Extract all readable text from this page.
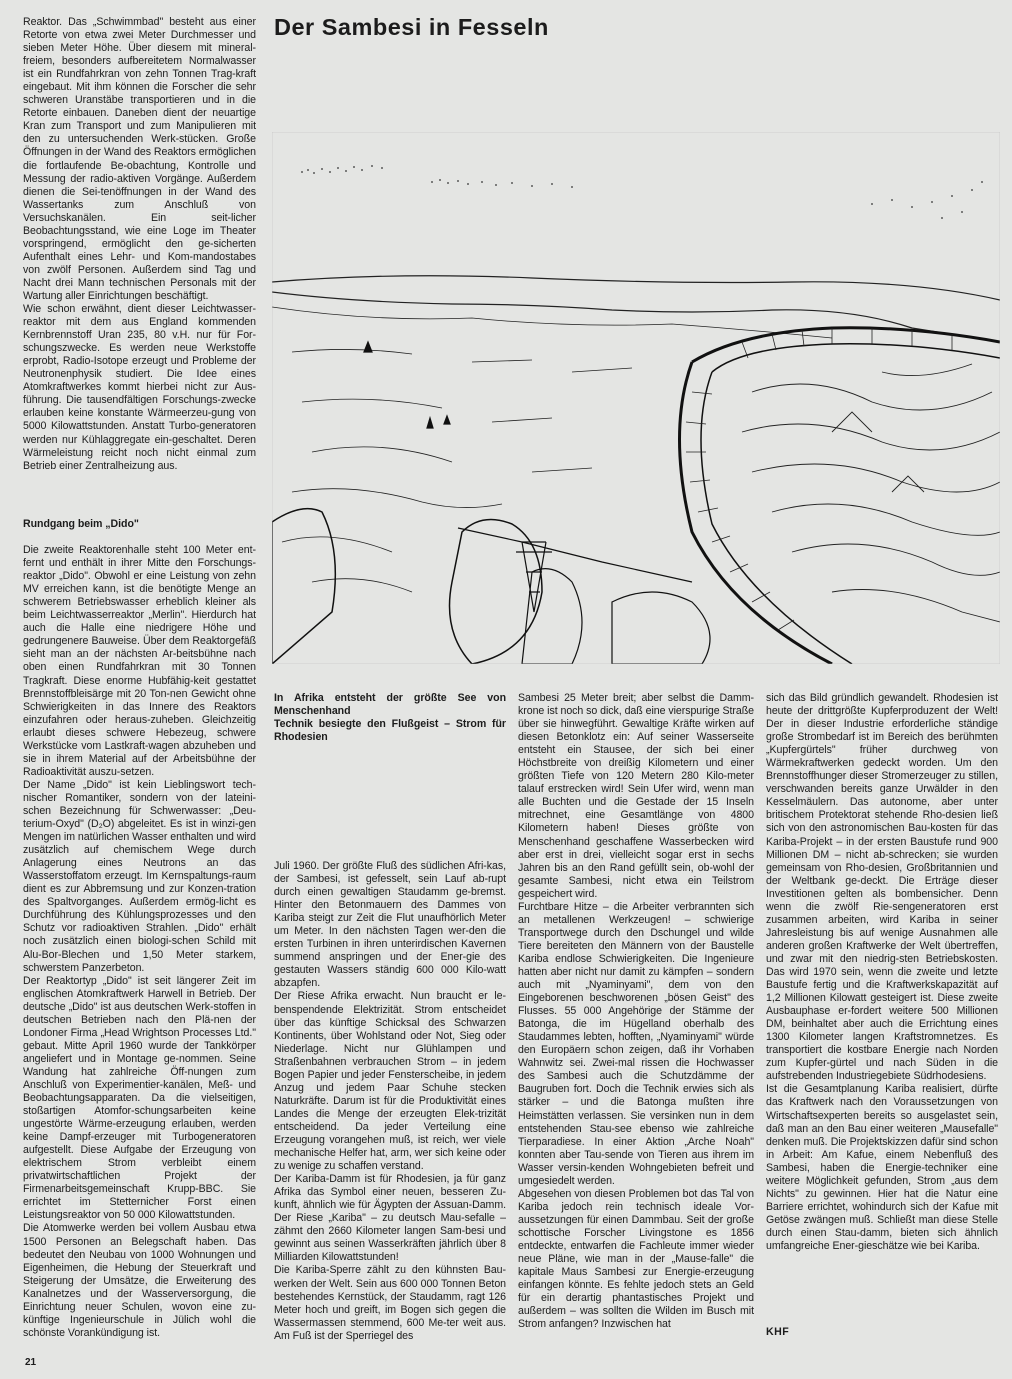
Reaktor. Das „Schwimmbad" besteht aus einer Retorte von etwa zwei Meter Durchmesser und sieben Meter Höhe. Über diesem mit mineral-freiem, besonders aufbereitetem Normalwasser ist ein Rundfahrkran von zehn Tonnen Trag-kraft eingebaut. Mit ihm können die Forscher die sehr schweren Uranstäbe transportieren und in die Retorte einbauen. Daneben dient der neuartige Kran zum Transport und zum Manipulieren mit den zu untersuchenden Werk-stücken. Große Öffnungen in der Wand des Reaktors ermöglichen die fortlaufende Be-obachtung, Kontrolle und Messung der radio-aktiven Vorgänge. Außerdem dienen die Sei-tenöffnungen in der Wand des Wassertanks zum Anschluß von Versuchskanälen. Ein seit-licher Beobachtungsstand, wie eine Loge im Theater vorspringend, ermöglicht den ge-sicherten Aufenthalt eines Lehr- und Kom-mandostabes von zwölf Personen. Außerdem sind Tag und Nacht drei Mann technischen Personals mit der Wartung aller Einrichtungen beschäftigt.

Wie schon erwähnt, dient dieser Leichtwasser-reaktor mit dem aus England kommenden Kernbrennstoff Uran 235, 80 v.H. nur für For-schungszwecke. Es werden neue Werkstoffe erprobt, Radio-Isotope erzeugt und Probleme der Neutronenphysik studiert. Die Idee eines Atomkraftwerkes kommt hierbei nicht zur Aus-führung. Die tausendfältigen Forschungs-zwecke erlauben keine konstante Wärmeerzeu-gung von 5000 Kilowattstunden. Anstatt Turbo-generatoren werden nur Kühlaggregate ein-geschaltet. Deren Wärmeleistung reicht noch nicht einmal zum Betrieb einer Zentralheizung aus.

Rundgang beim „Dido"

Die zweite Reaktorenhalle steht 100 Meter ent-fernt und enthält in ihrer Mitte den Forschungs-reaktor „Dido". Obwohl er eine Leistung von zehn MV erreichen kann, ist die benötigte Menge an schwerem Betriebswasser erheblich kleiner als beim Leichtwasserreaktor „Merlin". Hierdurch hat auch die Halle eine niedrigere Höhe und gedrungenere Bauweise. Über dem Reaktorgefäß sieht man an der nächsten Ar-beitsbühne nach oben einen Rundfahrkran mit 30 Tonnen Tragkraft. Diese enorme Hubfähig-keit gestattet Brennstoffbleisärge mit 20 Ton-nen Gewicht ohne Schwierigkeiten in das Innere des Reaktors einzufahren oder heraus-zuheben. Gleichzeitig erlaubt dieses schwere Hebezeug, schwere Werkstücke vom Lastkraft-wagen abzuheben und sie in ihrem Material auf der Arbeitsbühne der Radioaktivität auszu-setzen.

Der Name „Dido" ist kein Lieblingswort tech-nischer Romantiker, sondern von der lateini-schen Bezeichnung für Schwerwasser: „Deu-terium-Oxyd" (D₂O) abgeleitet. Es ist in winzi-gen Mengen im natürlichen Wasser enthalten und wird zusätzlich auf chemischem Wege durch Anlagerung eines Neutrons an das Wasserstoffatom erzeugt. Im Kernspaltungs-raum dient es zur Abbremsung und zur Konzen-tration des Spaltvorganges. Außerdem ermög-licht es Durchführung des Kühlungsprozesses und den Schutz vor radioaktiven Strahlen. „Dido" erhält noch zusätzlich einen biologi-schen Schild mit Alu-Bor-Blechen und 1,50 Meter starkem, schwerstem Panzerbeton.

Der Reaktortyp „Dido" ist seit längerer Zeit im englischen Atomkraftwerk Harwell in Betrieb. Der deutsche „Dido" ist aus deutschen Werk-stoffen in deutschen Betrieben nach den Plä-nen der Londoner Firma „Head Wrightson Processes Ltd." gebaut. Mitte April 1960 wurde der Tankkörper angeliefert und in Montage ge-nommen. Seine Wandung hat zahlreiche Öff-nungen zum Anschluß von Experimentier-kanälen, Meß- und Beobachtungsapparaten. Da die vielseitigen, stoßartigen Atomfor-schungsarbeiten keine ungestörte Wärme-erzeugung erlauben, werden keine Dampf-erzeuger mit Turbogeneratoren aufgestellt. Diese Aufgabe der Erzeugung von elektrischem Strom verbleibt einem privatwirtschaftlichen Projekt der Firmenarbeitsgemeinschaft Krupp-BBC. Sie errichtet im Stetternicher Forst einen Leistungsreaktor von 50 000 Kilowattstunden.

Die Atomwerke werden bei vollem Ausbau etwa 1500 Personen an Belegschaft haben. Das bedeutet den Neubau von 1000 Wohnungen und Eigenheimen, die Hebung der Steuerkraft und Steigerung der Umsätze, die Erweiterung des Kanalnetzes und der Wasserversorgung, die Einrichtung neuer Schulen, wovon eine zu-künftige Ingenieurschule in Jülich wohl die schönste Vorankündigung ist.

Der Sambesi in Fesseln

In Afrika entsteht der größte See von Menschenhand

Technik besiegte den Flußgeist – Strom für Rhodesien

Juli 1960. Der größte Fluß des südlichen Afri-kas, der Sambesi, ist gefesselt, sein Lauf ab-rupt durch einen gewaltigen Staudamm ge-bremst. Hinter den Betonmauern des Dammes von Kariba steigt zur Zeit die Flut unaufhörlich Meter um Meter. In den nächsten Tagen wer-den die ersten Turbinen in ihren unterirdischen Kavernen summend anspringen und der Ener-gie des gestauten Wassers ständig 600 000 Kilo-watt abzapfen.

Der Riese Afrika erwacht. Nun braucht er le-benspendende Elektrizität. Strom entscheidet über das künftige Schicksal des Schwarzen Kontinents, über Wohlstand oder Not, Sieg oder Niederlage. Nicht nur Glühlampen und Straßenbahnen verbrauchen Strom – in jedem Bogen Papier und jeder Fensterscheibe, in jedem Anzug und jedem Paar Schuhe stecken Naturkräfte. Darum ist für die Produktivität eines Landes die Menge der erzeugten Elek-trizität entscheidend. Da jeder Verteilung eine Erzeugung vorangehen muß, ist reich, wer viele mechanische Helfer hat, arm, wer sich keine oder zu wenige zu schaffen verstand.

Der Kariba-Damm ist für Rhodesien, ja für ganz Afrika das Symbol einer neuen, besseren Zu-kunft, ähnlich wie für Ägypten der Assuan-Damm. Der Riese „Kariba" – zu deutsch Mau-sefalle – zähmt den 2660 Kilometer langen Sam-besi und gewinnt aus seinen Wasserkräften jährlich über 8 Milliarden Kilowattstunden!

Die Kariba-Sperre zählt zu den kühnsten Bau-werken der Welt. Sein aus 600 000 Tonnen Beton bestehendes Kernstück, der Staudamm, ragt 126 Meter hoch und greift, im Bogen sich gegen die Wassermassen stemmend, 600 Me-ter weit aus. Am Fuß ist der Sperriegel des

Sambesi 25 Meter breit; aber selbst die Damm-krone ist noch so dick, daß eine vierspurige Straße über sie hinwegführt. Gewaltige Kräfte wirken auf diesen Betonklotz ein: Auf seiner Wasserseite entsteht ein Stausee, der sich bei einer Höchstbreite von dreißig Kilometern und einer größten Tiefe von 120 Metern 280 Kilo-meter talauf erstrecken wird! Sein Ufer wird, wenn man alle Buchten und die Gestade der 15 Inseln mitrechnet, eine Gesamtlänge von 4800 Kilometern haben! Dieses größte von Menschenhand geschaffene Wasserbecken wird aber erst in drei, vielleicht sogar erst in sechs Jahren bis an den Rand gefüllt sein, ob-wohl der gesamte Sambesi, nicht etwa ein Teilstrom gespeichert wird.

Furchtbare Hitze – die Arbeiter verbrannten sich an metallenen Werkzeugen! – schwierige Transportwege durch den Dschungel und wilde Tiere bereiteten den Männern von der Baustelle Kariba endlose Schwierigkeiten. Die Ingenieure hatten aber nicht nur damit zu kämpfen – sondern auch mit „Nyaminyami", dem von den Eingeborenen beschworenen „bösen Geist" des Flusses. 55 000 Angehörige der Stämme der Batonga, die im Hügelland oberhalb des Staudammes lebten, hofften, „Nyaminyami" würde den Europäern schon zeigen, daß ihr Vorhaben Wahnwitz sei. Zwei-mal rissen die Hochwasser des Sambesi auch die Schutzdämme der Baugruben fort. Doch die Technik erwies sich als stärker – und die Batonga mußten ihre Heimstätten verlassen. Sie versinken nun in dem entstehenden Stau-see ebenso wie zahlreiche Tierparadiese. In einer Aktion „Arche Noah" konnten aber Tau-sende von Tieren aus ihrem im Wasser versin-kenden Wohngebieten befreit und umgesiedelt werden.

Abgesehen von diesen Problemen bot das Tal von Kariba jedoch rein technisch ideale Vor-aussetzungen für einen Dammbau. Seit der große schottische Forscher Livingstone es 1856 entdeckte, entwarfen die Fachleute immer wieder neue Pläne, wie man in der „Mause-falle" die kapitale Maus Sambesi zur Energie-erzeugung einfangen könnte. Es fehlte jedoch stets an Geld für ein derartig phantastisches Projekt und außerdem – was sollten die Wilden im Busch mit Strom anfangen? Inzwischen hat

sich das Bild gründlich gewandelt. Rhodesien ist heute der drittgrößte Kupferproduzent der Welt! Der in dieser Industrie erforderliche ständige große Strombedarf ist im Bereich des berühmten „Kupfergürtels" früher durchweg von Wärmekraftwerken gedeckt worden. Um den Brennstoffhunger dieser Stromerzeuger zu stillen, verschwanden bereits ganze Urwälder in den Kesselmäulern. Das autonome, aber unter britischem Protektorat stehende Rho-desien ließ sich von den astronomischen Bau-kosten für das Kariba-Projekt – in der ersten Baustufe rund 900 Millionen DM – nicht ab-schrecken; sie wurden gemeinsam von Rho-desien, Großbritannien und der Weltbank ge-deckt. Die Erträge dieser Investitionen gelten als bombensicher. Denn wenn die zwölf Rie-sengeneratoren erst zusammen arbeiten, wird Kariba in seiner Jahresleistung bis auf wenige Ausnahmen alle anderen großen Kraftwerke der Welt übertreffen, und zwar mit den niedrig-sten Betriebskosten. Das wird 1970 sein, wenn die zweite und letzte Baustufe fertig und die Kraftwerkskapazität auf 1,2 Millionen Kilowatt gesteigert ist. Diese zweite Ausbauphase er-fordert weitere 500 Millionen DM, beinhaltet aber auch die Errichtung eines 1300 Kilometer langen Kraftstromnetzes. Es transportiert die kostbare Energie nach Norden zum Kupfer-gürtel und nach Süden in die aufstrebenden Industriegebiete Südrhodesiens.

Ist die Gesamtplanung Kariba realisiert, dürfte das Kraftwerk nach den Voraussetzungen von Wirtschaftsexperten bereits so ausgelastet sein, daß man an den Bau einer weiteren „Mausefalle" denken muß. Die Projektskizzen dafür sind schon in Arbeit: Am Kafue, einem Nebenfluß des Sambesi, haben die Energie-techniker eine weitere Möglichkeit gefunden, Strom „aus dem Nichts" zu gewinnen. Hier hat die Natur eine Barriere errichtet, wohindurch sich der Kafue mit Getöse zwängen muß. Schließt man diese Stelle durch einen Stau-damm, bieten sich ähnlich umfangreiche Ener-gieschätze wie bei Kariba.

KHF
21
